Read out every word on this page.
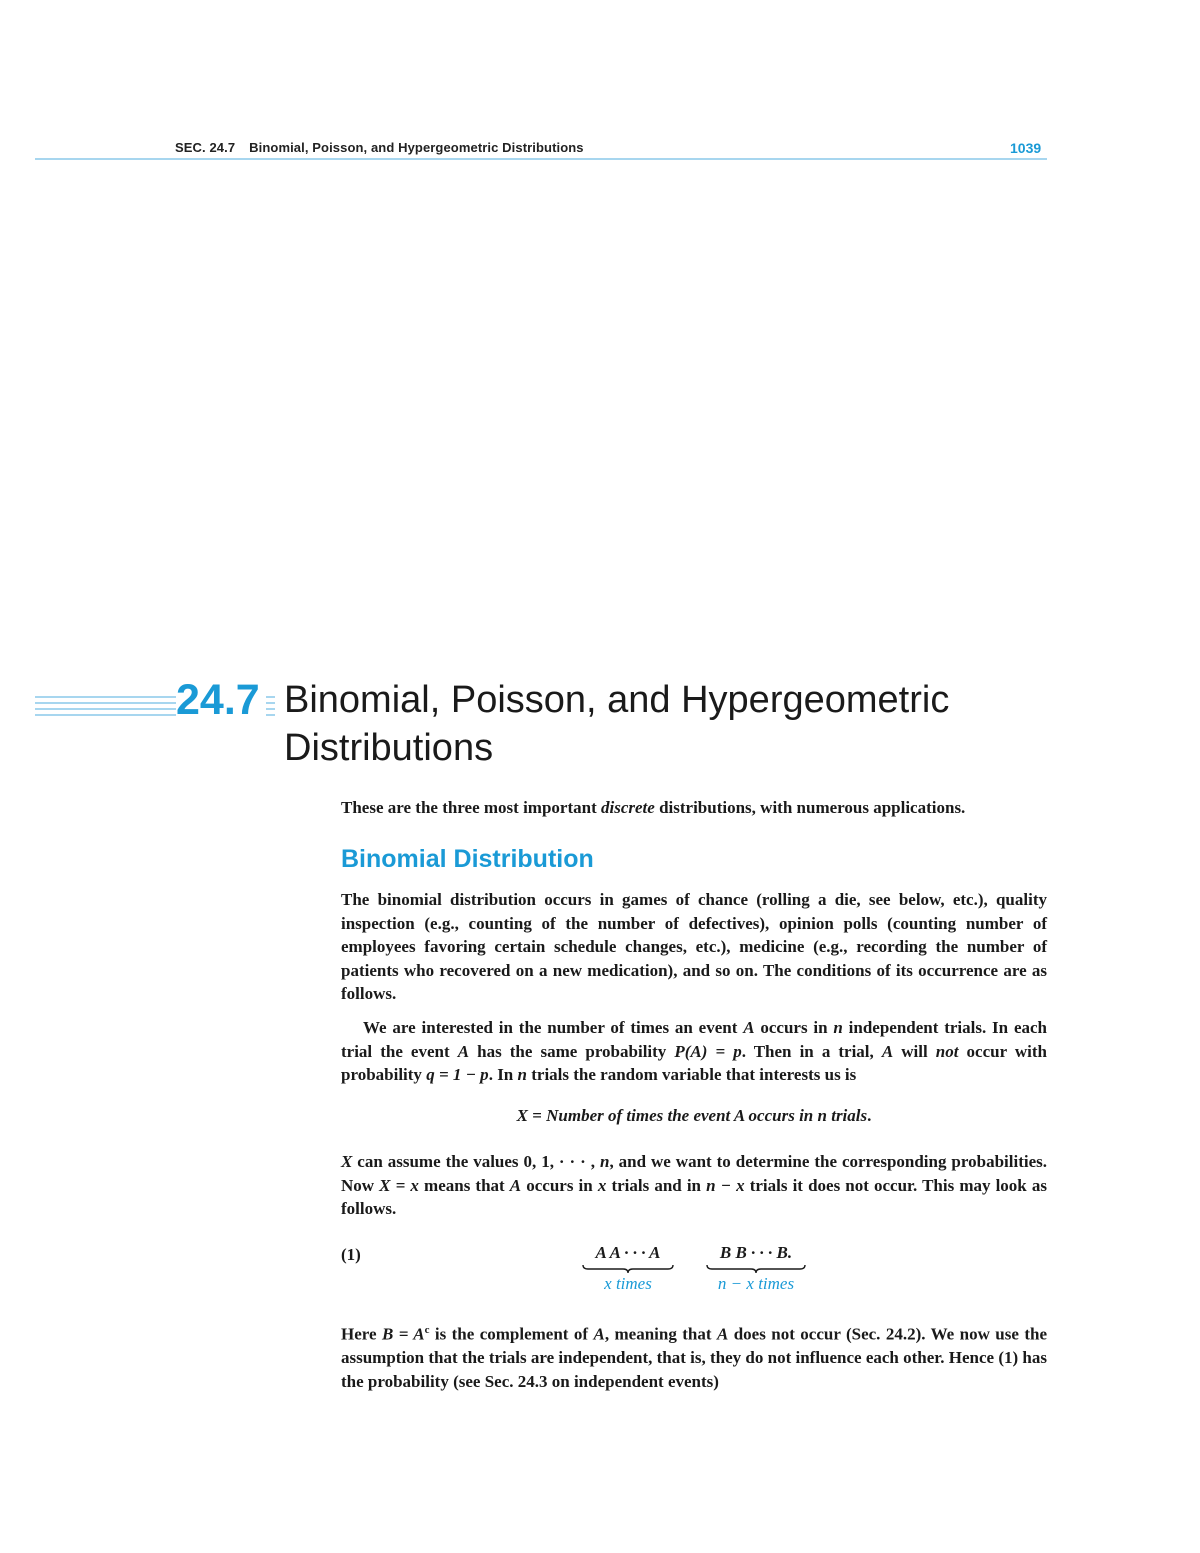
SEC. 24.7 Binomial, Poisson, and Hypergeometric Distributions	1039
24.7 Binomial, Poisson, and Hypergeometric
Distributions
These are the three most important discrete distributions, with numerous applications.
Binomial Distribution
The binomial distribution occurs in games of chance (rolling a die, see below, etc.), quality inspection (e.g., counting of the number of defectives), opinion polls (counting number of employees favoring certain schedule changes, etc.), medicine (e.g., recording the number of patients who recovered on a new medication), and so on. The conditions of its occurrence are as follows.
We are interested in the number of times an event A occurs in n independent trials. In each trial the event A has the same probability P(A) = p. Then in a trial, A will not occur with probability q = 1 − p. In n trials the random variable that interests us is
X = Number of times the event A occurs in n trials.
X can assume the values 0, 1, · · · , n, and we want to determine the corresponding probabilities. Now X = x means that A occurs in x trials and in n − x trials it does not occur. This may look as follows.
(1)	A A · · · A
x times
B B · · · B.
n − x times
Here $B = A^c$ is the complement of A, meaning that A does not occur (Sec. 24.2). We now use the assumption that the trials are independent, that is, they do not influence each other. Hence (1) has the probability (see Sec. 24.3 on independent events)
